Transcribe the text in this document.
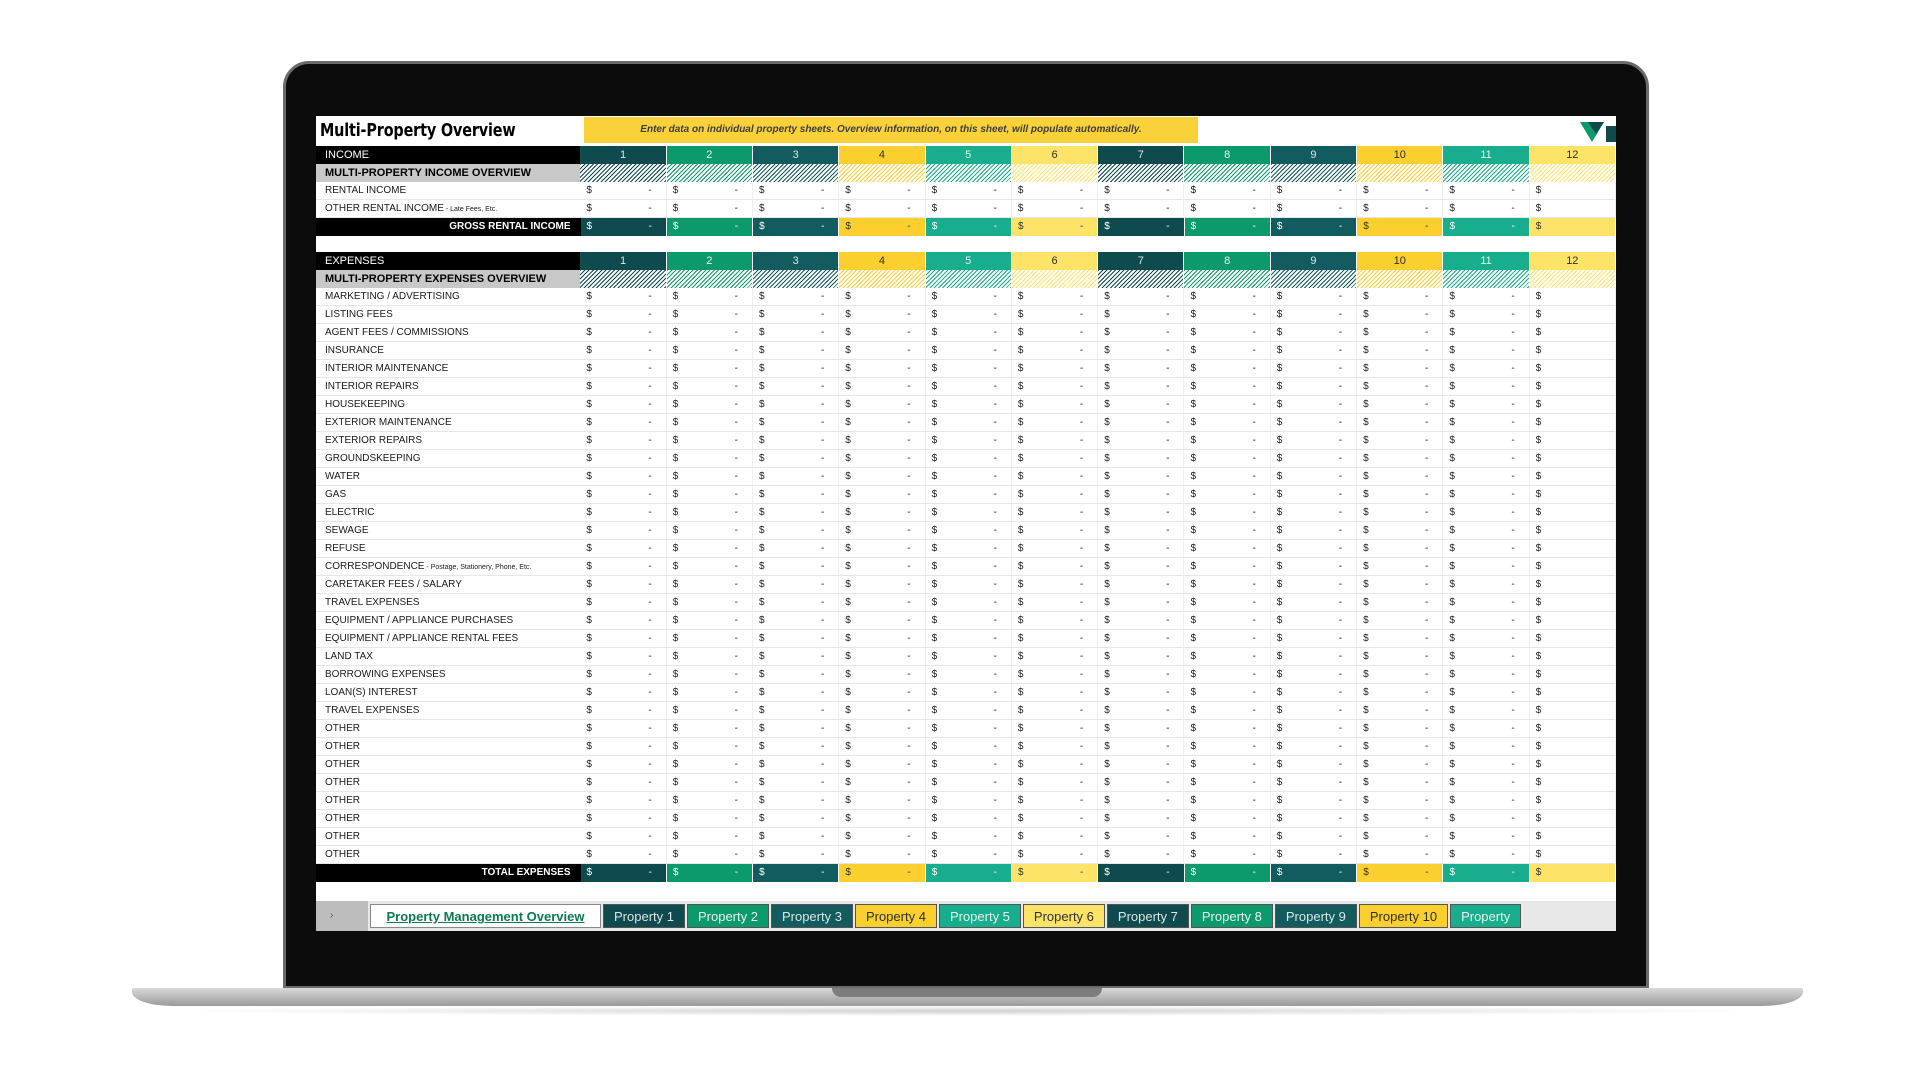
Multi-Property Overview	Enter data on individual property sheets. Overview information, on this sheet, will populate automatically.
INCOME	1	2	3	4	5	6	7	8	9	10	11	12
MULTI-PROPERTY INCOME OVERVIEW
RENTAL INCOME	$	- $	- $	- $	- $	- $	- $	- $	- $	- $	- $	- $
OTHER RENTAL INCOME - Late Fees, Etc.	$	- $	- $	- $	- $	- $	- $	- $	- $	- $	- $	- $
GROSS RENTAL INCOME	$	- $	- $	- $	- $	- $	- $	- $	- $	- $	- $	- $
EXPENSES	1	2	3	4	5	6	7	8	9	10	11	12
MULTI-PROPERTY EXPENSES OVERVIEW
MARKETING / ADVERTISING	$	- $	- $	- $	- $	- $	- $	- $	- $	- $	- $	- $
LISTING FEES	$	- $	- $	- $	- $	- $	- $	- $	- $	- $	- $	- $
AGENT FEES / COMMISSIONS	$	- $	- $	- $	- $	- $	- $	- $	- $	- $	- $	- $
INSURANCE	$	- $	- $	- $	- $	- $	- $	- $	- $	- $	- $	- $
INTERIOR MAINTENANCE	$	- $	- $	- $	- $	- $	- $	- $	- $	- $	- $	- $
INTERIOR REPAIRS	$	- $	- $	- $	- $	- $	- $	- $	- $	- $	- $	- $
HOUSEKEEPING	$	- $	- $	- $	- $	- $	- $	- $	- $	- $	- $	- $
EXTERIOR MAINTENANCE	$	- $	- $	- $	- $	- $	- $	- $	- $	- $	- $	- $
EXTERIOR REPAIRS	$	- $	- $	- $	- $	- $	- $	- $	- $	- $	- $	- $
GROUNDSKEEPING	$	- $	- $	- $	- $	- $	- $	- $	- $	- $	- $	- $
WATER	$	- $	- $	- $	- $	- $	- $	- $	- $	- $	- $	- $
GAS	$	- $	- $	- $	- $	- $	- $	- $	- $	- $	- $	- $
ELECTRIC	$	- $	- $	- $	- $	- $	- $	- $	- $	- $	- $	- $
SEWAGE	$	- $	- $	- $	- $	- $	- $	- $	- $	- $	- $	- $
REFUSE	$	- $	- $	- $	- $	- $	- $	- $	- $	- $	- $	- $
CORRESPONDENCE - Postage, Stationery, Phone, Etc.	$	- $	- $	- $	- $	- $	- $	- $	- $	- $	- $	- $
CARETAKER FEES / SALARY	$	- $	- $	- $	- $	- $	- $	- $	- $	- $	- $	- $
TRAVEL EXPENSES	$	- $	- $	- $	- $	- $	- $	- $	- $	- $	- $	- $
EQUIPMENT / APPLIANCE PURCHASES	$	- $	- $	- $	- $	- $	- $	- $	- $	- $	- $	- $
EQUIPMENT / APPLIANCE RENTAL FEES	$	- $	- $	- $	- $	- $	- $	- $	- $	- $	- $	- $
LAND TAX	$	- $	- $	- $	- $	- $	- $	- $	- $	- $	- $	- $
BORROWING EXPENSES	$	- $	- $	- $	- $	- $	- $	- $	- $	- $	- $	- $
LOAN(S) INTEREST	$	- $	- $	- $	- $	- $	- $	- $	- $	- $	- $	- $
TRAVEL EXPENSES	$	- $	- $	- $	- $	- $	- $	- $	- $	- $	- $	- $
OTHER	$	- $	- $	- $	- $	- $	- $	- $	- $	- $	- $	- $
OTHER	$	- $	- $	- $	- $	- $	- $	- $	- $	- $	- $	- $
OTHER	$	- $	- $	- $	- $	- $	- $	- $	- $	- $	- $	- $
OTHER	$	- $	- $	- $	- $	- $	- $	- $	- $	- $	- $	- $
OTHER	$	- $	- $	- $	- $	- $	- $	- $	- $	- $	- $	- $
OTHER	$	- $	- $	- $	- $	- $	- $	- $	- $	- $	- $	- $
OTHER	$	- $	- $	- $	- $	- $	- $	- $	- $	- $	- $	- $
OTHER	$	- $	- $	- $	- $	- $	- $	- $	- $	- $	- $	- $
TOTAL EXPENSES	$	- $	- $	- $	- $	- $	- $	- $	- $	- $	- $	- $
›	Property Management Overview	Property 1	Property 2	Property 3	Property 4	Property 5	Property 6	Property 7	Property 8	Property 9	Property 10	Property
